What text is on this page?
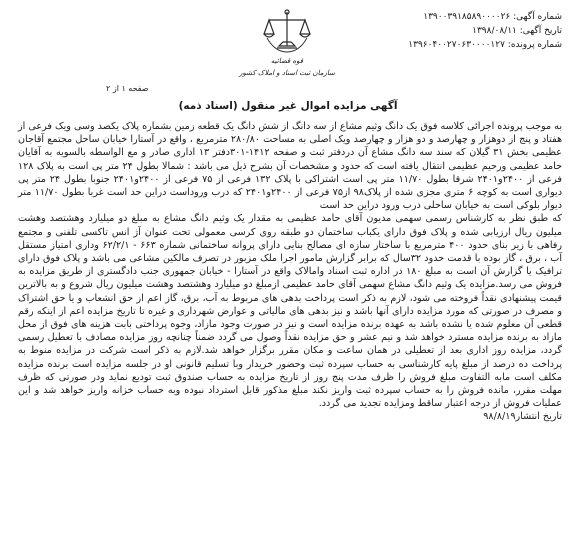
شماره آگهی: ۱۳۹۰۰۳۹۱۸۵۸۹۰۰۰۰۲۶
تاریخ آگهی: ۱۳۹۸/۰۸/۱۱
شماره پرونده: ۱۳۹۶۰۴۰۰۲۷۰۶۳۰۰۰۰۱۲۷
قوه قضائیه
سازمان ثبت اسناد و املاک کشور
صفحه ۱ از ۲
آگهی مزایده اموال غیر منقول (اسناد ذمه)

به موجب پرونده اجرائی کلاسه فوق یک دانگ وثیم مشاع از سه دانگ از شش دانگ یک قطعه زمین بشماره پلاک یکصد وسی ویک فرعی از هفتاد و پنج از دوهزار و چهارصد و دو هزار و چهارصد ویک اصلی به مساحت ۲۸۰/۸۰ مترمربع ، واقع در آستارا خیابان ساحل مجتمع آقاجان عظیمی بخش ۳۱ گیلان که سند سه دانگ مشاع آن دردفتر ثبت و صفحه ۱۴۱۲-۳۰۱دفتر ۱۳ اداری صادر و مع الواسطه بالسویه به آقایان حامد عظیمی ورحیم عظیمی انتقال یافته است که حدود و مشخصات آن بشرح ذیل می باشد : شمالا بطول ۲۴ متر پی است به پلاک ۱۲۸ فرعی از ۲۴۰۰و۲۴۰۱ شرقا بطول ۱۱/۷۰ متر پی است اشتراکی با پلاک ۱۳۲ فرعی از ۷۵ فرعی از ۲۴۰۰و۲۴۰۱ جنوبا بطول ۲۴ متر پی دیواری است به کوچه ۶ متری مجزی شده از پلاک۹۸ از۷۵ فرعی از ۲۴۰۰و۲۴۰۱ که درب وروداست دراین حد است غربا بطول ۱۱/۷۰ متر دیوار بلوکی است به خیابان ساحلی درب ورود دراین حد است

که طبق نظر به کارشناس رسمی سهمی مدیون آقای حامد عظیمی به مقدار یک وثیم دانگ مشاع به مبلغ دو میلیارد وهشتصد وهشت میلیون ریال ارزیابی شده و پلاک فوق دارای یکباب ساختمان دو طبقه روی کرسی معمولی تحت عنوان آژ انس تاکسی تلفنی و مجتمع رفاهی با زیر بنای حدود ۴۰۰ مترمربع با ساختار سازه ای مصالح بنایی دارای پروانه ساختمانی شماره ۶۶۳ - ۶۲/۲/۱ وداری امتیاز مستقل آب ، برق ، گاز بوده با قدمت حدود ۳۲سال که برابر گزارش مامور اجرا ملک مزبور در تصرف مالکین مشاعی می باشد و پلاک فوق دارای ترافیک یا گزارش آن است به مبلغ ۱۸۰ در اداره ثبت اسناد وامالاک واقع در آستارا - خیابان جمهوری جنب دادگستری از طریق مزایده به فروش می رسد.مزایده یک وثیم دانگ مشاع سهمی آقای حامد عظیمی ازمبلغ دو میلیارد وهشتصد وهشت میلیون ریال شروع و به بالاترین قیمت پیشنهادی نقداً فروخته می شود، لازم به ذکر است پرداخت بدهی های مربوط به آب، برق، گاز اعم از حق انشعاب و یا حق اشتراک و مصرف در صورتی که مورد مزایده دارای آنها باشد و نیز بدهی های مالیاتی و عوارض شهرداری و غیره تا تاریخ مزایده اعم از اینکه رقم قطعی آن معلوم شده یا نشده باشد به عهده برنده مزایده است و نیز در صورت وجود مازاد، وجوه پرداختی بابت هزینه های فوق از محل مازاد به برنده مزایده مسترد خواهد شد و نیم عشر و حق مزایده نقداً وصول می گردد ضمناً چنانچه روز مزایده مصادف با تعطیل رسمی گردد، مزایده روز اداری بعد از تعطیلی در همان ساعت و مکان مقرر برگزار خواهد شد.لازم به ذکر است شرکت در مزایده منوط به پرداخت ده درصد از مبلغ پایه کارشناسی به حساب سپرده ثبت وحضور خریدار وبا تسلیم قانونی او در جلسه مزایده است برنده مزایده مکلف است مابه التفاوت مبلغ فروش را ظرف مدت پنج روز از تاریخ مزایده به حساب صندوق ثبت تودیع نماید ودر صورتی که ظرف مهلت مقرر، مانده فروش را به حساب سپرده ثبت واریز نکند مبلغ مذکور قابل استرداد نبوده وبه حساب خزانه واریز خواهد شد و این عملیات فروش از درجه اعتبار ساقط ومزایده تجدید می گردد.

تاریخ انتشار۹۸/۸/۱۹
